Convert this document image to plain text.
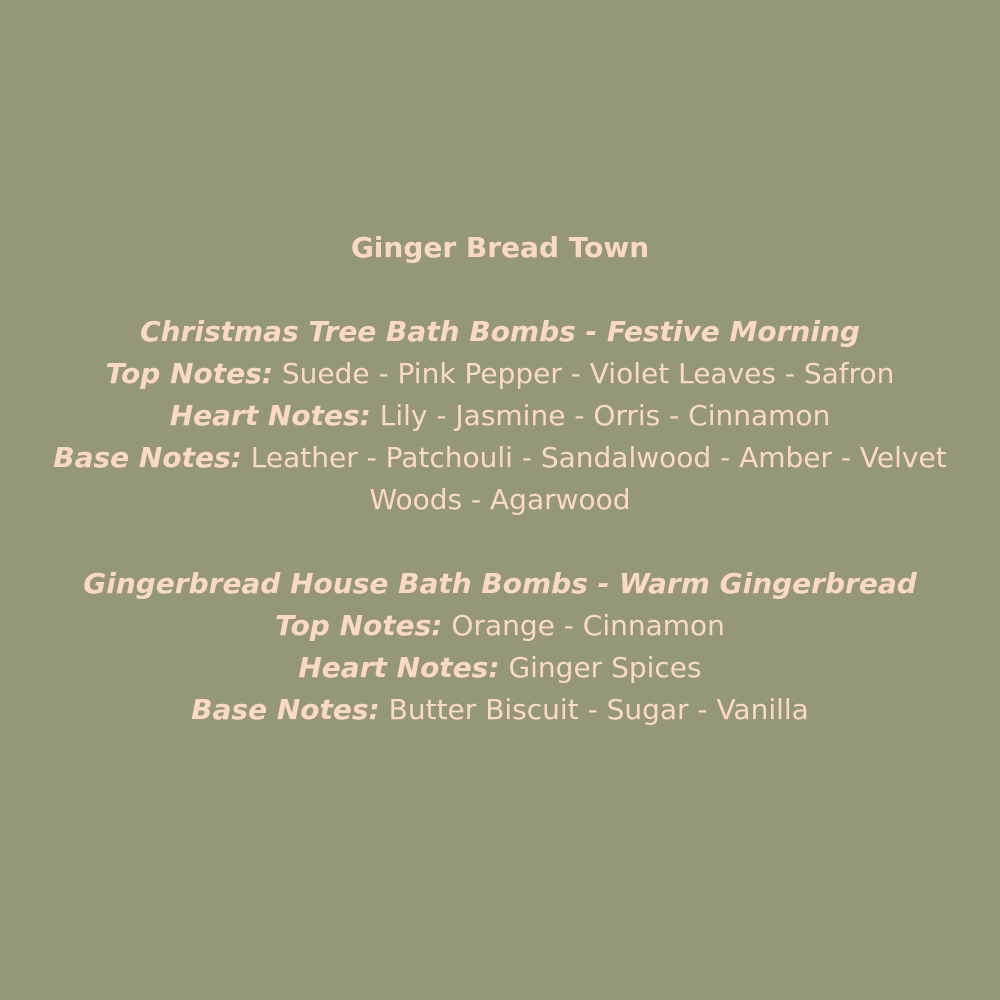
Ginger Bread Town
Christmas Tree Bath Bombs - Festive Morning
Top Notes: Suede - Pink Pepper - Violet Leaves - Safron
Heart Notes: Lily - Jasmine - Orris - Cinnamon
Base Notes: Leather - Patchouli - Sandalwood - Amber - Velvet
Woods - Agarwood
Gingerbread House Bath Bombs - Warm Gingerbread
Top Notes: Orange - Cinnamon
Heart Notes: Ginger Spices
Base Notes: Butter Biscuit - Sugar - Vanilla
